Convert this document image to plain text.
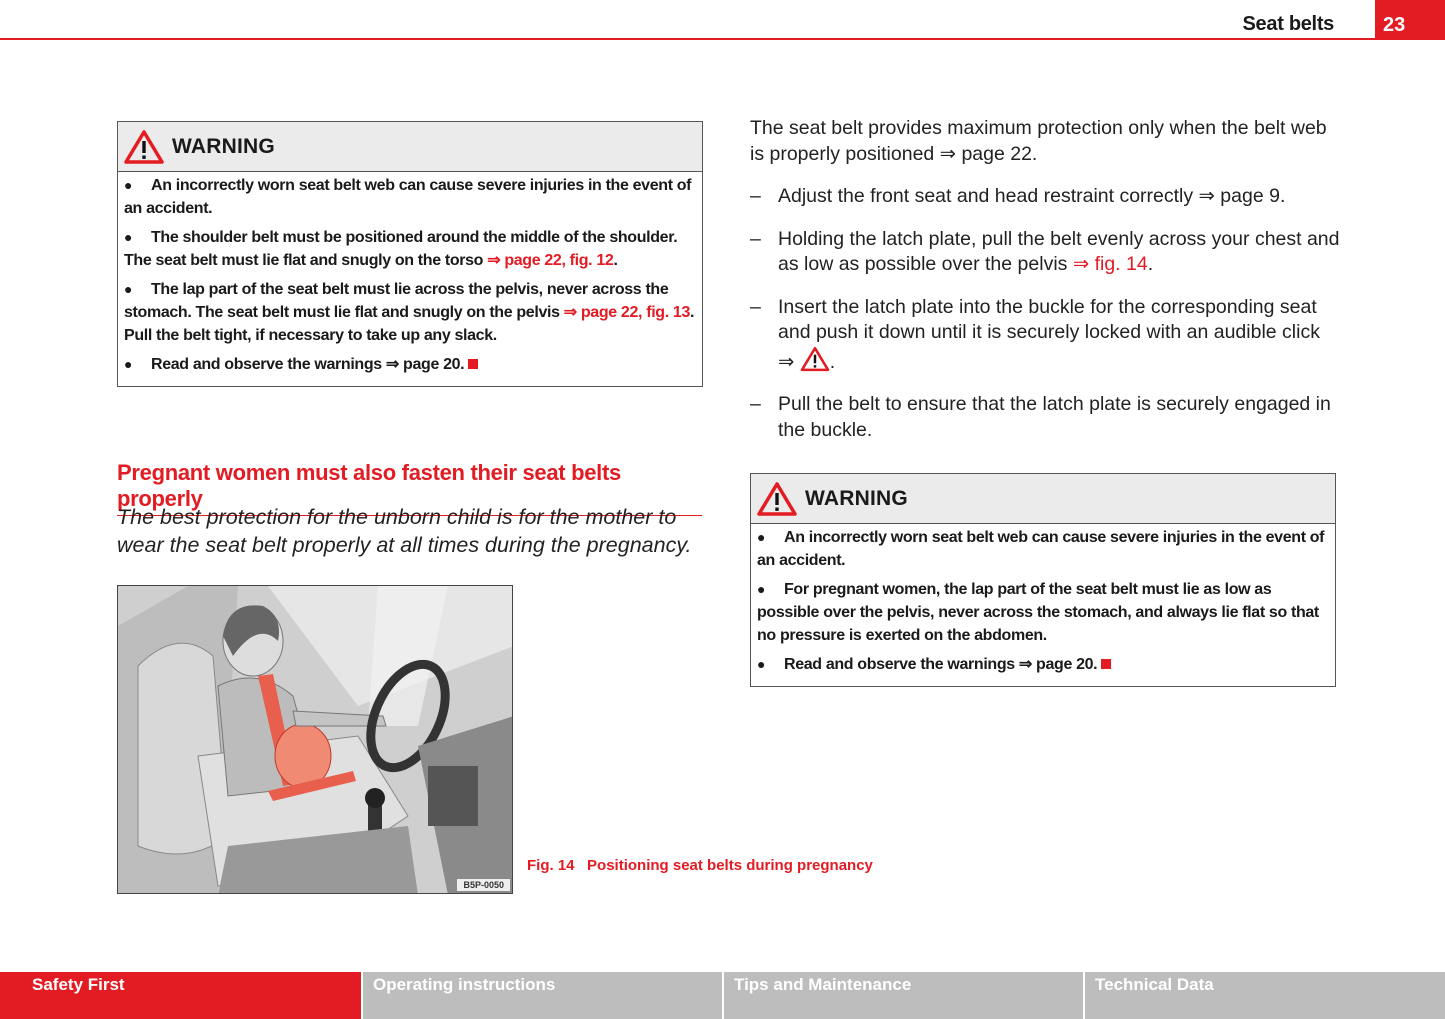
Seat belts	23
WARNING
● An incorrectly worn seat belt web can cause severe injuries in the event of an accident.
● The shoulder belt must be positioned around the middle of the shoulder. The seat belt must lie flat and snugly on the torso ⇒ page 22, fig. 12.
● The lap part of the seat belt must lie across the pelvis, never across the stomach. The seat belt must lie flat and snugly on the pelvis ⇒ page 22, fig. 13. Pull the belt tight, if necessary to take up any slack.
● Read and observe the warnings ⇒ page 20.
Pregnant women must also fasten their seat belts properly
The best protection for the unborn child is for the mother to wear the seat belt properly at all times during the pregnancy.
B5P-0050
Fig. 14 Positioning seat belts during pregnancy

The seat belt provides maximum protection only when the belt web is properly positioned ⇒ page 22.

– Adjust the front seat and head restraint correctly ⇒ page 9.
– Holding the latch plate, pull the belt evenly across your chest and as low as possible over the pelvis ⇒ fig. 14.
– Insert the latch plate into the buckle for the corresponding seat and push it down until it is securely locked with an audible click ⇒ .
– Pull the belt to ensure that the latch plate is securely engaged in the buckle.
WARNING
● An incorrectly worn seat belt web can cause severe injuries in the event of an accident.
● For pregnant women, the lap part of the seat belt must lie as low as possible over the pelvis, never across the stomach, and always lie flat so that no pressure is exerted on the abdomen.
● Read and observe the warnings ⇒ page 20.
Safety First	Operating instructions	Tips and Maintenance	Technical Data
